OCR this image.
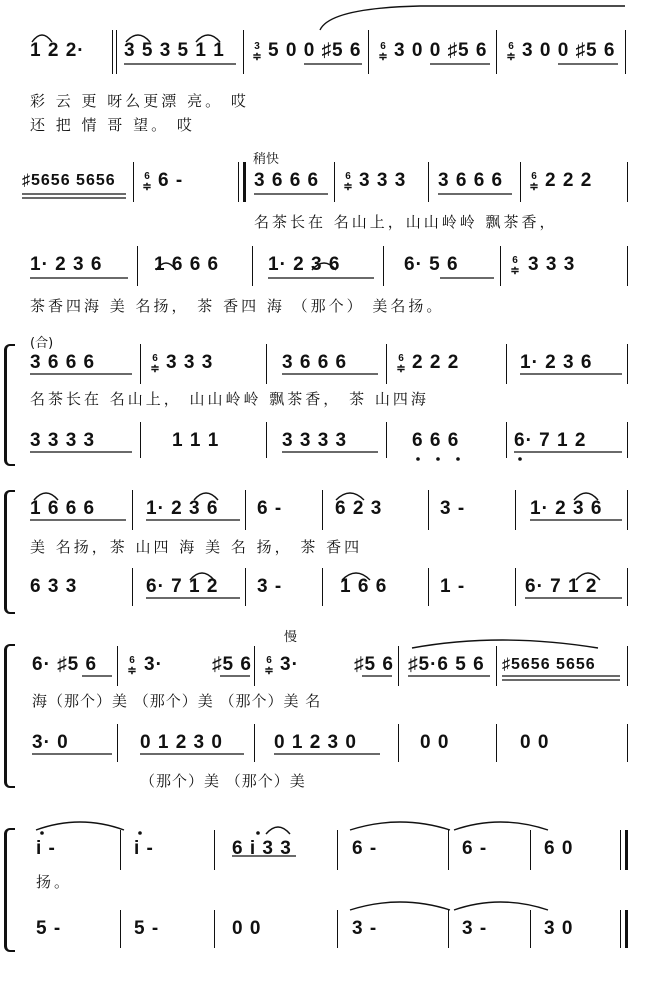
1 2 2· 3 5 3 5 1 1	3
≑ 5 0 0 ♯5 6	6
≑ 3 0 0 ♯5 6	6
≑ 3 0 0 ♯5 6
彩 云 更 呀么更漂 亮。 哎
还 把 情 哥 望。 哎
稍快
♯5656 5656	6
≑ 6 -	3 6 6 6	6
≑ 3 3 3 3 6 6 6	6
≑ 2 2 2
名茶长在 名山上，山山岭岭 飘茶香，
1· 2 3 6	1 6 6 6	1· 2 3 6	6· 5 6	6
≑ 3 3 3
茶香四海 美 名扬， 茶 香四 海 （那个） 美名扬。
(合)
3 6 6 6	6
≑ 3 3 3	3 6 6 6	6
≑ 2 2 2	1· 2 3 6
名茶长在 名山上， 山山岭岭 飘茶香， 茶 山四海
3 3 3 3	1 1 1	3 3 3 3	6 6 6	6· 7 1 2
1 6 6 6	1· 2 3 6 6 -	6 2 3	3 -	1· 2 3 6
美 名扬，茶 山四 海 美 名 扬， 茶 香四
6 3 3	6· 7 1 2 3 -	1 6 6	1 -	6· 7 1 2
慢
6· ♯5 6	6
≑ 3·	♯5 6	6
≑ 3·	♯5 6 ♯5·6 5 6 ♯5656 5656
海（那个）美 （那个）美 （那个）美 名
3· 0	0 1 2 3 0	0 1 2 3 0	0 0	0 0
（那个）美 （那个）美
i -	i -	6 i 3 3	6 -	6 -	6 0
扬。
5 -	5 -	0 0	3 -	3 -	3 0
